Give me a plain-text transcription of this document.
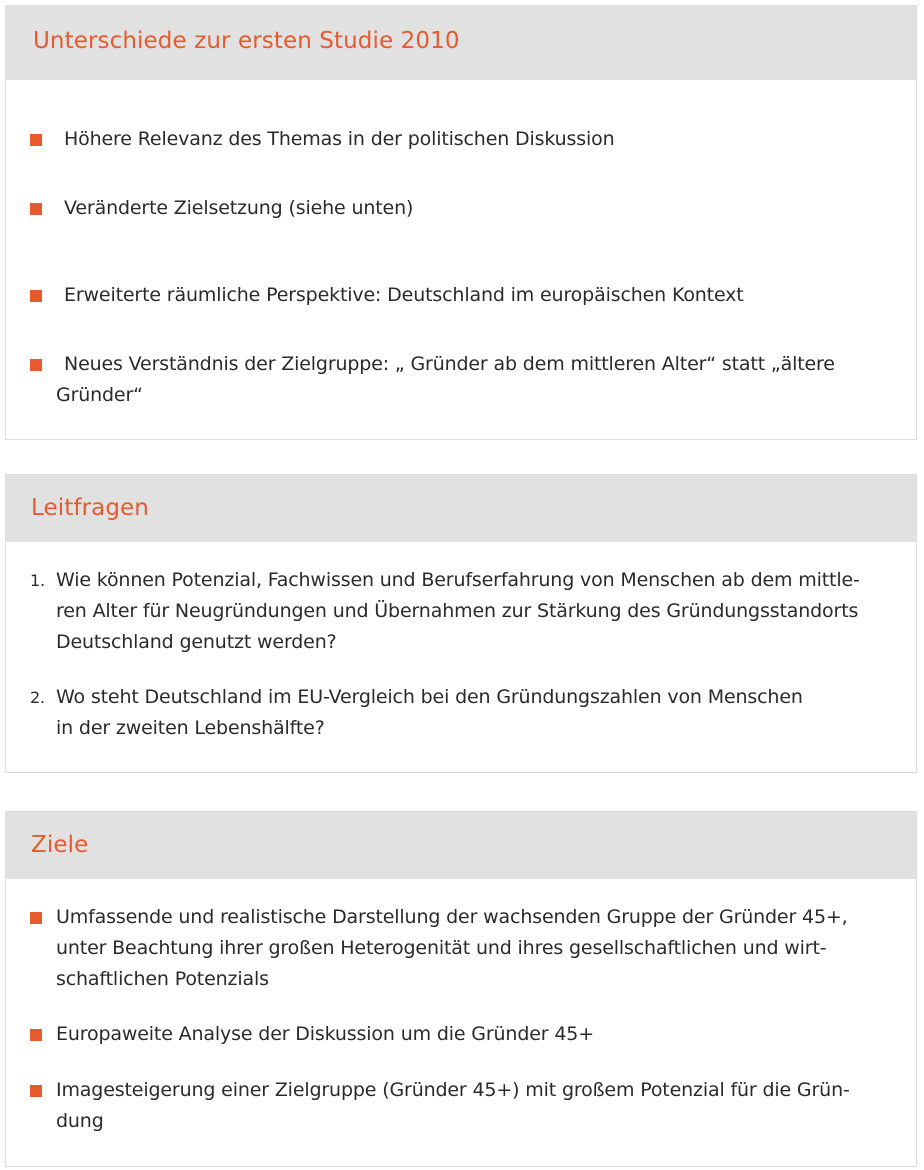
Unterschiede zur ersten Studie 2010
Höhere Relevanz des Themas in der politischen Diskussion
Veränderte Zielsetzung (siehe unten)
Erweiterte räumliche Perspektive: Deutschland im europäischen Kontext
Neues Verständnis der Zielgruppe: „ Gründer ab dem mittleren Alter“ statt „ältere
Gründer“
Leitfragen
1. Wie können Potenzial, Fachwissen und Berufserfahrung von Menschen ab dem mittle-
ren Alter für Neugründungen und Übernahmen zur Stärkung des Gründungsstandorts
Deutschland genutzt werden?
2. Wo steht Deutschland im EU-Vergleich bei den Gründungszahlen von Menschen
in der zweiten Lebenshälfte?
Ziele
Umfassende und realistische Darstellung der wachsenden Gruppe der Gründer 45+,
unter Beachtung ihrer großen Heterogenität und ihres gesellschaftlichen und wirt-
schaftlichen Potenzials
Europaweite Analyse der Diskussion um die Gründer 45+
Imagesteigerung einer Zielgruppe (Gründer 45+) mit großem Potenzial für die Grün-
dung
